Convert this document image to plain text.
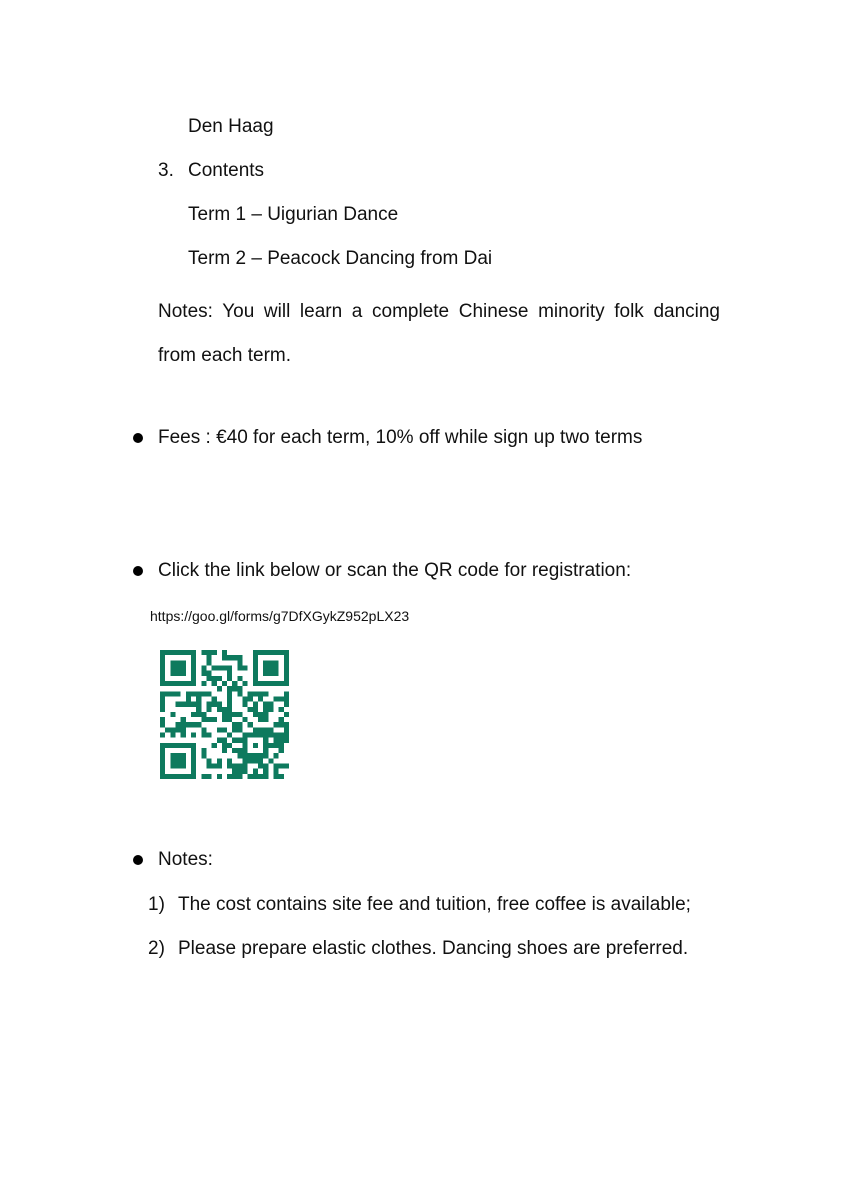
Den Haag
3. Contents
Term 1 – Uigurian Dance
Term 2 – Peacock Dancing from Dai
Notes: You will learn a complete Chinese minority folk dancing from each term.
Fees : €40 for each term, 10% off while sign up two terms
Click the link below or scan the QR code for registration:
https://goo.gl/forms/g7DfXGykZ952pLX23
Notes:
1) The cost contains site fee and tuition, free coffee is available;
2) Please prepare elastic clothes. Dancing shoes are preferred.
